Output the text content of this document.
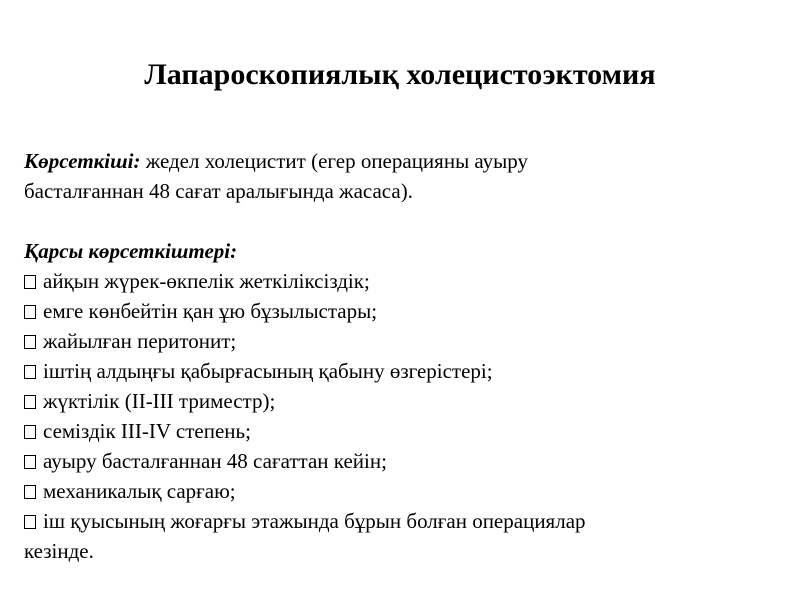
Лапароскопиялық холецистоэктомия
Көрсеткіші: жедел холецистит (егер операцияны ауыру
басталғаннан 48 сағат аралығында жасаса).
Қарсы көрсеткіштері:
айқын жүрек-өкпелік жеткіліксіздік;
емге көнбейтін қан ұю бұзылыстары;
жайылған перитонит;
іштің алдыңғы қабырғасының қабыну өзгерістері;
жүктілік (II-III триместр);
семіздік III-IV степень;
ауыру басталғаннан 48 сағаттан кейін;
механикалық сарғаю;
іш қуысының жоғарғы этажында бұрын болған операциялар
кезінде.
